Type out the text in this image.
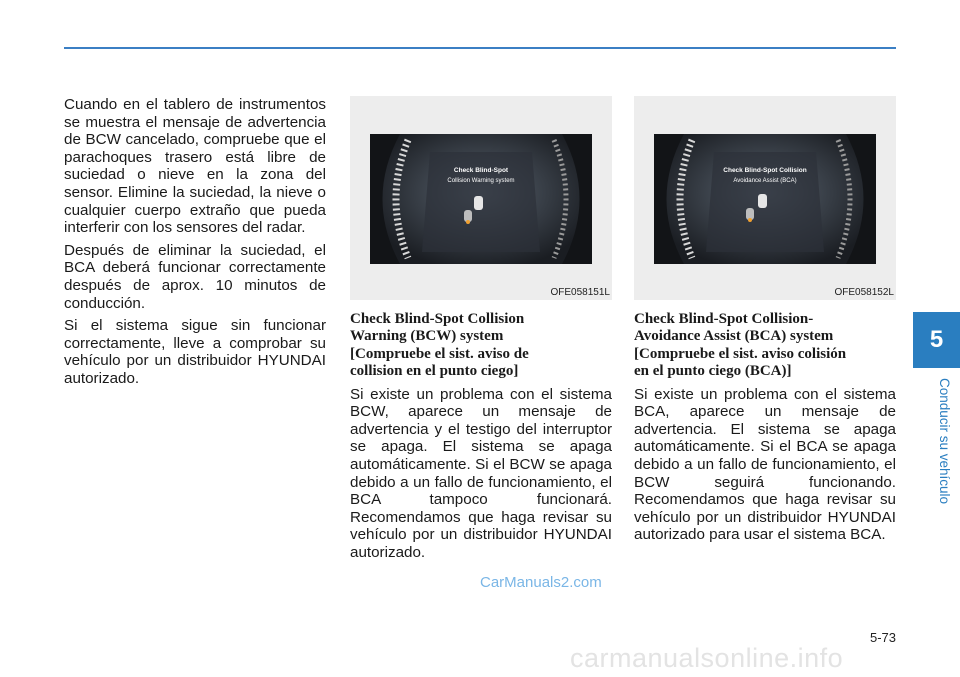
Cuando en el tablero de instrumentos se muestra el mensaje de advertencia de BCW cancelado, compruebe que el parachoques trasero está libre de suciedad o nieve en la zona del sensor. Elimine la suciedad, la nieve o cualquier cuerpo extraño que pueda interferir con los sensores del radar.

Después de eliminar la suciedad, el BCA deberá funcionar correctamente después de aprox. 10 minutos de conducción.

Si el sistema sigue sin funcionar correctamente, lleve a comprobar su vehículo por un distribuidor HYUNDAI autorizado.

Check Blind-Spot
Collision Warning system
OFE058151L
Check Blind-Spot Collision
Warning (BCW) system
[Compruebe el sist. aviso de
collision en el punto ciego]

Si existe un problema con el sistema BCW, aparece un mensaje de advertencia y el testigo del interruptor se apaga. El sistema se apaga automáticamente. Si el BCW se apaga debido a un fallo de funcionamiento, el BCA tampoco funcionará. Recomendamos que haga revisar su vehículo por un distribuidor HYUNDAI autorizado.

Check Blind-Spot Collision
Avoidance Assist (BCA)
OFE058152L
Check Blind-Spot Collision-
Avoidance Assist (BCA) system
[Compruebe el sist. aviso colisión
en el punto ciego (BCA)]

Si existe un problema con el sistema BCA, aparece un mensaje de advertencia. El sistema se apaga automáticamente. Si el BCA se apaga debido a un fallo de funcionamiento, el BCW seguirá funcionando. Recomendamos que haga revisar su vehículo por un distribuidor HYUNDAI autorizado para usar el sistema BCA.

5
Conducir su vehículo
5-73
CarManuals2.com
carmanualsonline.info
